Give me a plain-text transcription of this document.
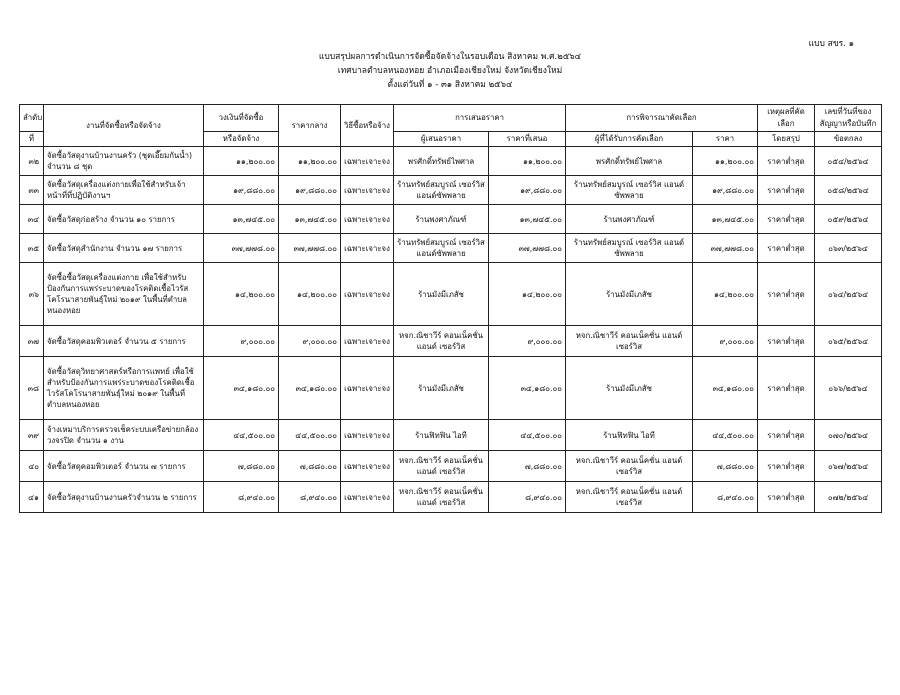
แบบ สขร. ๑
แบบสรุปผลการดำเนินการจัดซื้อจัดจ้างในรอบเดือน สิงหาคม พ.ศ.๒๕๖๔
เทศบาลตำบลหนองหอย อำเภอเมืองเชียงใหม่ จังหวัดเชียงใหม่
ตั้งแต่วันที่ ๑ - ๓๑ สิงหาคม ๒๕๖๔
ลำดับ	งานที่จัดซื้อหรือจัดจ้าง	วงเงินที่จัดซื้อ	ราคากลาง	วิธีซื้อหรือจ้าง	การเสนอราคา		การพิจารณาคัดเลือก		เหตุผลที่คัดเลือก	เลขที่วันที่ของ
สัญญาหรือบันทึก

ที่		หรือจัดจ้าง			ผู้เสนอราคา	ราคาที่เสนอ	ผู้ที่ได้รับการคัดเลือก	ราคา	โดยสรุป	ข้อตกลง
๓๒	จัดซื้อวัสดุงานบ้านงานครัว (ชุดเอี๊ยมกันน้ำ) จำนวน ๘ ชุด	๑๑,๒๐๐.๐๐	๑๑,๒๐๐.๐๐	เฉพาะเจาะจง	พรศักดิ์ทรัพย์ไพศาล	๑๑,๒๐๐.๐๐	พรศักดิ์ทรัพย์ไพศาล	๑๑,๒๐๐.๐๐	ราคาต่ำสุด	๐๕๔/๒๕๖๔
๓๓	จัดซื้อวัสดุเครื่องแต่งกายเพื่อใช้สำหรับเจ้าหน้าที่ที่ปฏิบัติงานฯ	๑๙,๘๘๐.๐๐	๑๙,๘๘๐.๐๐	เฉพาะเจาะจง	ร้านทรัพย์สมบูรณ์ เซอร์วิส แอนด์ซัพพลาย	๑๙,๘๘๐.๐๐	ร้านทรัพย์สมบูรณ์ เซอร์วิส แอนด์ซัพพลาย	๑๙,๘๘๐.๐๐	ราคาต่ำสุด	๐๕๘/๒๕๖๔
๓๔	จัดซื้อวัสดุก่อสร้าง จำนวน ๑๐ รายการ	๑๓,๗๔๕.๐๐	๑๓,๗๔๕.๐๐	เฉพาะเจาะจง	ร้านพงศาภัณฑ์	๑๓,๗๔๕.๐๐	ร้านพงศาภัณฑ์	๑๓,๗๔๕.๐๐	ราคาต่ำสุด	๐๕๙/๒๕๖๔
๓๕	จัดซื้อวัสดุสำนักงาน จำนวน ๑๗ รายการ	๓๗,๗๗๘.๐๐	๓๗,๗๗๘.๐๐	เฉพาะเจาะจง	ร้านทรัพย์สมบูรณ์ เซอร์วิส แอนด์ซัพพลาย	๓๗,๗๗๘.๐๐	ร้านทรัพย์สมบูรณ์ เซอร์วิส แอนด์ซัพพลาย	๓๗,๗๗๘.๐๐	ราคาต่ำสุด	๐๖๓/๒๕๖๔
๓๖	จัดซื้อซื้อวัสดุเครื่องแต่งกาย เพื่อใช้สำหรับป้องกันการแพร่ระบาดของโรคติดเชื้อไวรัสโคโรนาสายพันธุ์ใหม่ ๒๐๑๙ ในพื้นที่ตำบลหนองหอย	๑๔,๒๐๐.๐๐	๑๔,๒๐๐.๐๐	เฉพาะเจาะจง	ร้านมังมีเภสัช	๑๔,๒๐๐.๐๐	ร้านมังมีเภสัช	๑๔,๒๐๐.๐๐	ราคาต่ำสุด	๐๖๔/๒๕๖๔
๓๗	จัดซื้อวัสดุคอมพิวเตอร์ จำนวน ๕ รายการ	๙,๐๐๐.๐๐	๙,๐๐๐.๐๐	เฉพาะเจาะจง	หจก.ณิชาวีร์ คอนเน็คชั่น แอนด์ เซอร์วิส	๙,๐๐๐.๐๐	หจก.ณิชาวีร์ คอนเน็คชั่น แอนด์ เซอร์วิส	๙,๐๐๐.๐๐	ราคาต่ำสุด	๐๖๕/๒๕๖๔
๓๘	จัดซื้อวัสดุวิทยาศาสตร์หรือการแพทย์ เพื่อใช้สำหรับป้องกันการแพร่ระบาดของโรคติดเชื้อไวรัสโคโรนาสายพันธุ์ใหม่ ๒๐๑๙ ในพื้นที่ตำบลหนองหอย	๓๔,๑๘๐.๐๐	๓๔,๑๘๐.๐๐	เฉพาะเจาะจง	ร้านมังมีเภสัช	๓๔,๑๘๐.๐๐	ร้านมังมีเภสัช	๓๔,๑๘๐.๐๐	ราคาต่ำสุด	๐๖๖/๒๕๖๔
๓๙	จ้างเหมาบริการตรวจเช็คระบบเครือข่ายกล้องวงจรปิด จำนวน ๑ งาน	๔๔,๕๐๐.๐๐	๔๔,๕๐๐.๐๐	เฉพาะเจาะจง	ร้านฟิทฟิน ไอที	๔๔,๕๐๐.๐๐	ร้านฟิทฟิน ไอที	๔๔,๕๐๐.๐๐	ราคาต่ำสุด	๐๗๐/๒๕๖๔
๔๐	จัดซื้อวัสดุคอมพิวเตอร์ จำนวน ๗ รายการ	๗,๘๘๐.๐๐	๗,๘๘๐.๐๐	เฉพาะเจาะจง	หจก.ณิชาวีร์ คอนเน็คชั่น แอนด์ เซอร์วิส	๗,๘๘๐.๐๐	หจก.ณิชาวีร์ คอนเน็คชั่น แอนด์ เซอร์วิส	๗,๘๘๐.๐๐	ราคาต่ำสุด	๐๖๗/๒๕๖๔
๔๑	จัดซื้อวัสดุงานบ้านงานครัวจำนวน ๒ รายการ	๘,๙๔๐.๐๐	๘,๙๔๐.๐๐	เฉพาะเจาะจง	หจก.ณิชาวีร์ คอนเน็คชั่น แอนด์ เซอร์วิส	๘,๙๔๐.๐๐	หจก.ณิชาวีร์ คอนเน็คชั่น แอนด์ เซอร์วิส	๘,๙๔๐.๐๐	ราคาต่ำสุด	๐๗๒/๒๕๖๔
